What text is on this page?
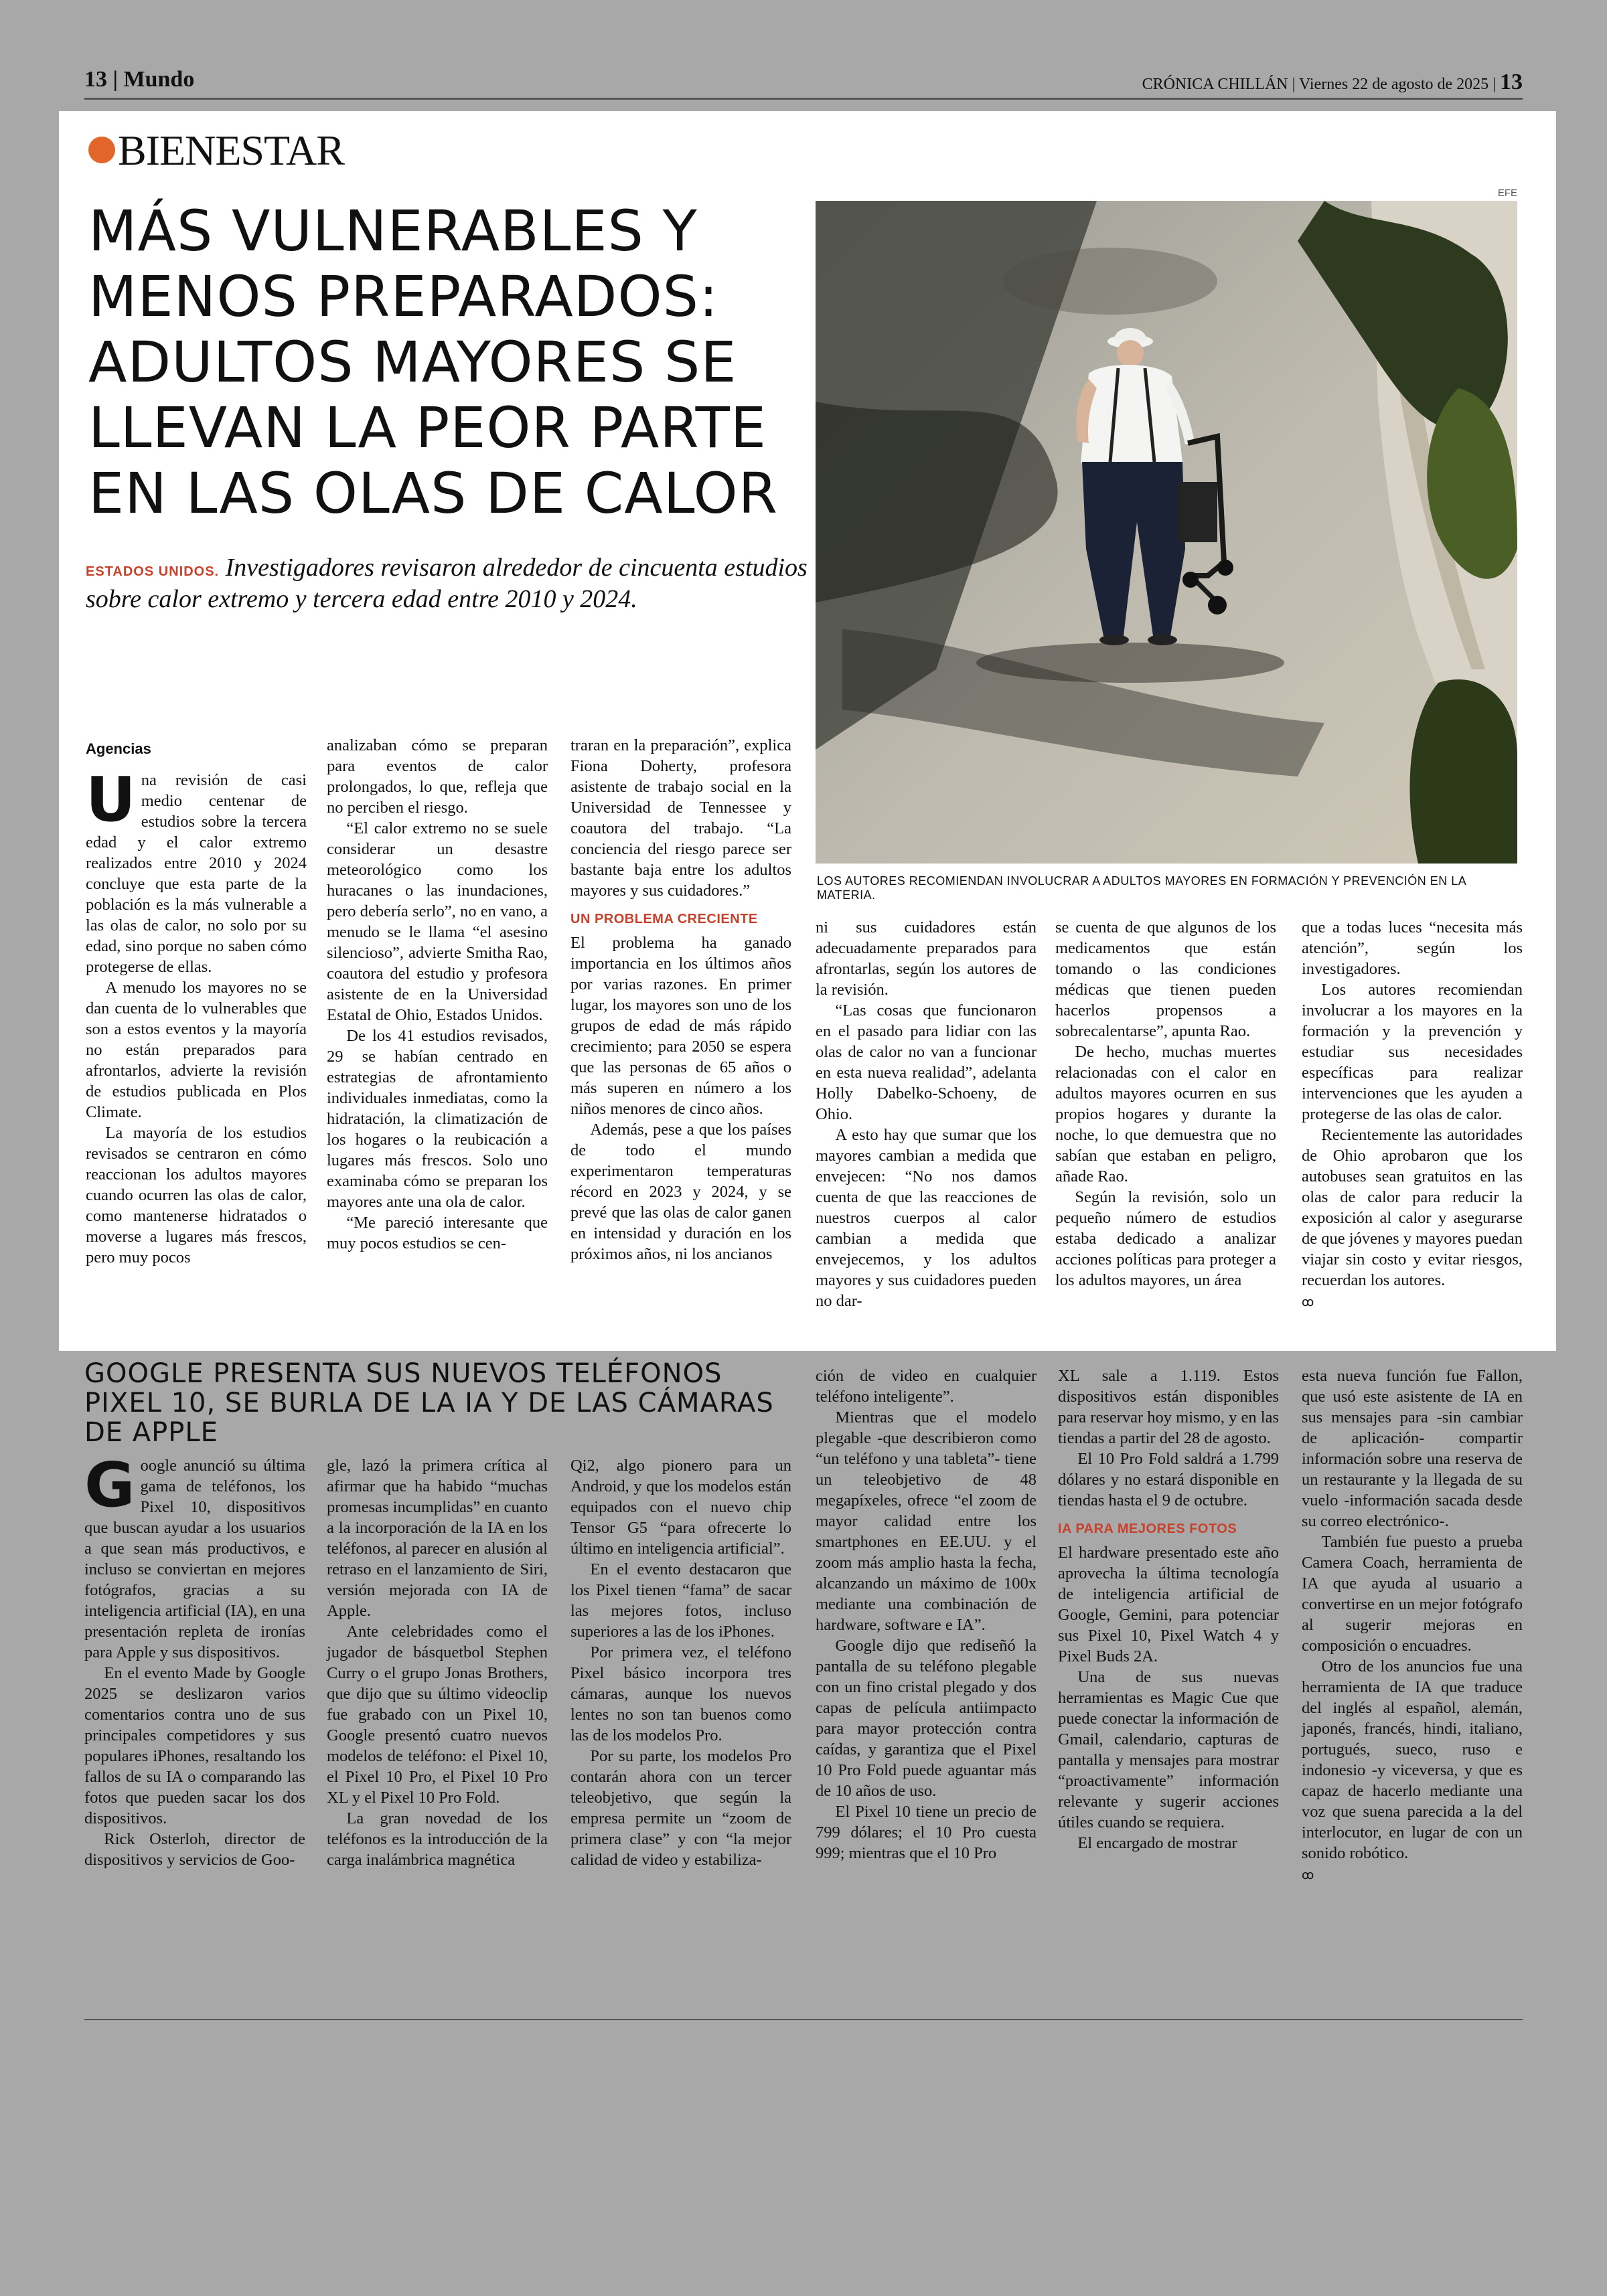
13 | Mundo	CRÓNICA CHILLÁN | Viernes 22 de agosto de 2025 | 13
BIENESTAR
MÁS VULNERABLES Y MENOS PREPARADOS: ADULTOS MAYORES SE LLEVAN LA PEOR PARTE EN LAS OLAS DE CALOR
ESTADOS UNIDOS. Investigadores revisaron alrededor de cincuenta estudios sobre calor extremo y tercera edad entre 2010 y 2024.
EFE
LOS AUTORES RECOMIENDAN INVOLUCRAR A ADULTOS MAYORES EN FORMACIÓN Y PREVENCIÓN EN LA MATERIA.
Agencias
U na revisión de casi medio centenar de estudios sobre la tercera edad y el calor extremo realizados entre 2010 y 2024 concluye que esta parte de la población es la más vulnerable a las olas de calor, no solo por su edad, sino porque no saben cómo protegerse de ellas.

A menudo los mayores no se dan cuenta de lo vulnerables que son a estos eventos y la mayoría no están preparados para afrontarlos, advierte la revisión de estudios publicada en Plos Climate.

La mayoría de los estudios revisados se centraron en cómo reaccionan los adultos mayores cuando ocurren las olas de calor, como mantenerse hidratados o moverse a lugares más frescos, pero muy pocos

analizaban cómo se preparan para eventos de calor prolongados, lo que, refleja que no perciben el riesgo.

“El calor extremo no se suele considerar un desastre meteorológico como los huracanes o las inundaciones, pero debería serlo”, no en vano, a menudo se le llama “el asesino silencioso”, advierte Smitha Rao, coautora del estudio y profesora asistente de en la Universidad Estatal de Ohio, Estados Unidos.

De los 41 estudios revisados, 29 se habían centrado en estrategias de afrontamiento individuales inmediatas, como la hidratación, la climatización de los hogares o la reubicación a lugares más frescos. Solo uno examinaba cómo se preparan los mayores ante una ola de calor.

“Me pareció interesante que muy pocos estudios se cen-

traran en la preparación”, explica Fiona Doherty, profesora asistente de trabajo social en la Universidad de Tennessee y coautora del trabajo. “La conciencia del riesgo parece ser bastante baja entre los adultos mayores y sus cuidadores.”

UN PROBLEMA CRECIENTE

El problema ha ganado importancia en los últimos años por varias razones. En primer lugar, los mayores son uno de los grupos de edad de más rápido crecimiento; para 2050 se espera que las personas de 65 años o más superen en número a los niños menores de cinco años.

Además, pese a que los países de todo el mundo experimentaron temperaturas récord en 2023 y 2024, y se prevé que las olas de calor ganen en intensidad y duración en los próximos años, ni los ancianos

ni sus cuidadores están adecuadamente preparados para afrontarlas, según los autores de la revisión.

“Las cosas que funcionaron en el pasado para lidiar con las olas de calor no van a funcionar en esta nueva realidad”, adelanta Holly Dabelko-Schoeny, de Ohio.

A esto hay que sumar que los mayores cambian a medida que envejecen: “No nos damos cuenta de que las reacciones de nuestros cuerpos al calor cambian a medida que envejecemos, y los adultos mayores y sus cuidadores pueden no dar-

se cuenta de que algunos de los medicamentos que están tomando o las condiciones médicas que tienen pueden hacerlos propensos a sobrecalentarse”, apunta Rao.

De hecho, muchas muertes relacionadas con el calor en adultos mayores ocurren en sus propios hogares y durante la noche, lo que demuestra que no sabían que estaban en peligro, añade Rao.

Según la revisión, solo un pequeño número de estudios estaba dedicado a analizar acciones políticas para proteger a los adultos mayores, un área

que a todas luces “necesita más atención”, según los investigadores.

Los autores recomiendan involucrar a los mayores en la formación y la prevención y estudiar sus necesidades específicas para realizar intervenciones que les ayuden a protegerse de las olas de calor.

Recientemente las autoridades de Ohio aprobaron que los autobuses sean gratuitos en las olas de calor para reducir la exposición al calor y asegurarse de que jóvenes y mayores puedan viajar sin costo y evitar riesgos, recuerdan los autores.

ꝏ
GOOGLE PRESENTA SUS NUEVOS TELÉFONOS PIXEL 10, SE BURLA DE LA IA Y DE LAS CÁMARAS DE APPLE
G oogle anunció su última gama de teléfonos, los Pixel 10, dispositivos que buscan ayudar a los usuarios a que sean más productivos, e incluso se conviertan en mejores fotógrafos, gracias a su inteligencia artificial (IA), en una presentación repleta de ironías para Apple y sus dispositivos.

En el evento Made by Google 2025 se deslizaron varios comentarios contra uno de sus principales competidores y sus populares iPhones, resaltando los fallos de su IA o comparando las fotos que pueden sacar los dos dispositivos.

Rick Osterloh, director de dispositivos y servicios de Goo-

gle, lazó la primera crítica al afirmar que ha habido “muchas promesas incumplidas” en cuanto a la incorporación de la IA en los teléfonos, al parecer en alusión al retraso en el lanzamiento de Siri, versión mejorada con IA de Apple.

Ante celebridades como el jugador de básquetbol Stephen Curry o el grupo Jonas Brothers, que dijo que su último videoclip fue grabado con un Pixel 10, Google presentó cuatro nuevos modelos de teléfono: el Pixel 10, el Pixel 10 Pro, el Pixel 10 Pro XL y el Pixel 10 Pro Fold.

La gran novedad de los teléfonos es la introducción de la carga inalámbrica magnética

Qi2, algo pionero para un Android, y que los modelos están equipados con el nuevo chip Tensor G5 “para ofrecerte lo último en inteligencia artificial”.

En el evento destacaron que los Pixel tienen “fama” de sacar las mejores fotos, incluso superiores a las de los iPhones.

Por primera vez, el teléfono Pixel básico incorpora tres cámaras, aunque los nuevos lentes no son tan buenos como las de los modelos Pro.

Por su parte, los modelos Pro contarán ahora con un tercer teleobjetivo, que según la empresa permite un “zoom de primera clase” y con “la mejor calidad de video y estabiliza-

ción de video en cualquier teléfono inteligente”.

Mientras que el modelo plegable -que describieron como “un teléfono y una tableta”- tiene un teleobjetivo de 48 megapíxeles, ofrece “el zoom de mayor calidad entre los smartphones en EE.UU. y el zoom más amplio hasta la fecha, alcanzando un máximo de 100x mediante una combinación de hardware, software e IA”.

Google dijo que rediseñó la pantalla de su teléfono plegable con un fino cristal plegado y dos capas de película antiimpacto para mayor protección contra caídas, y garantiza que el Pixel 10 Pro Fold puede aguantar más de 10 años de uso.

El Pixel 10 tiene un precio de 799 dólares; el 10 Pro cuesta 999; mientras que el 10 Pro

XL sale a 1.119. Estos dispositivos están disponibles para reservar hoy mismo, y en las tiendas a partir del 28 de agosto.

El 10 Pro Fold saldrá a 1.799 dólares y no estará disponible en tiendas hasta el 9 de octubre.

IA PARA MEJORES FOTOS

El hardware presentado este año aprovecha la última tecnología de inteligencia artificial de Google, Gemini, para potenciar sus Pixel 10, Pixel Watch 4 y Pixel Buds 2A.

Una de sus nuevas herramientas es Magic Cue que puede conectar la información de Gmail, calendario, capturas de pantalla y mensajes para mostrar “proactivamente” información relevante y sugerir acciones útiles cuando se requiera.

El encargado de mostrar

esta nueva función fue Fallon, que usó este asistente de IA en sus mensajes para -sin cambiar de aplicación- compartir información sobre una reserva de un restaurante y la llegada de su vuelo -información sacada desde su correo electrónico-.

También fue puesto a prueba Camera Coach, herramienta de IA que ayuda al usuario a convertirse en un mejor fotógrafo al sugerir mejoras en composición o encuadres.

Otro de los anuncios fue una herramienta de IA que traduce del inglés al español, alemán, japonés, francés, hindi, italiano, portugués, sueco, ruso e indonesio -y viceversa, y que es capaz de hacerlo mediante una voz que suena parecida a la del interlocutor, en lugar de con un sonido robótico.

ꝏ
